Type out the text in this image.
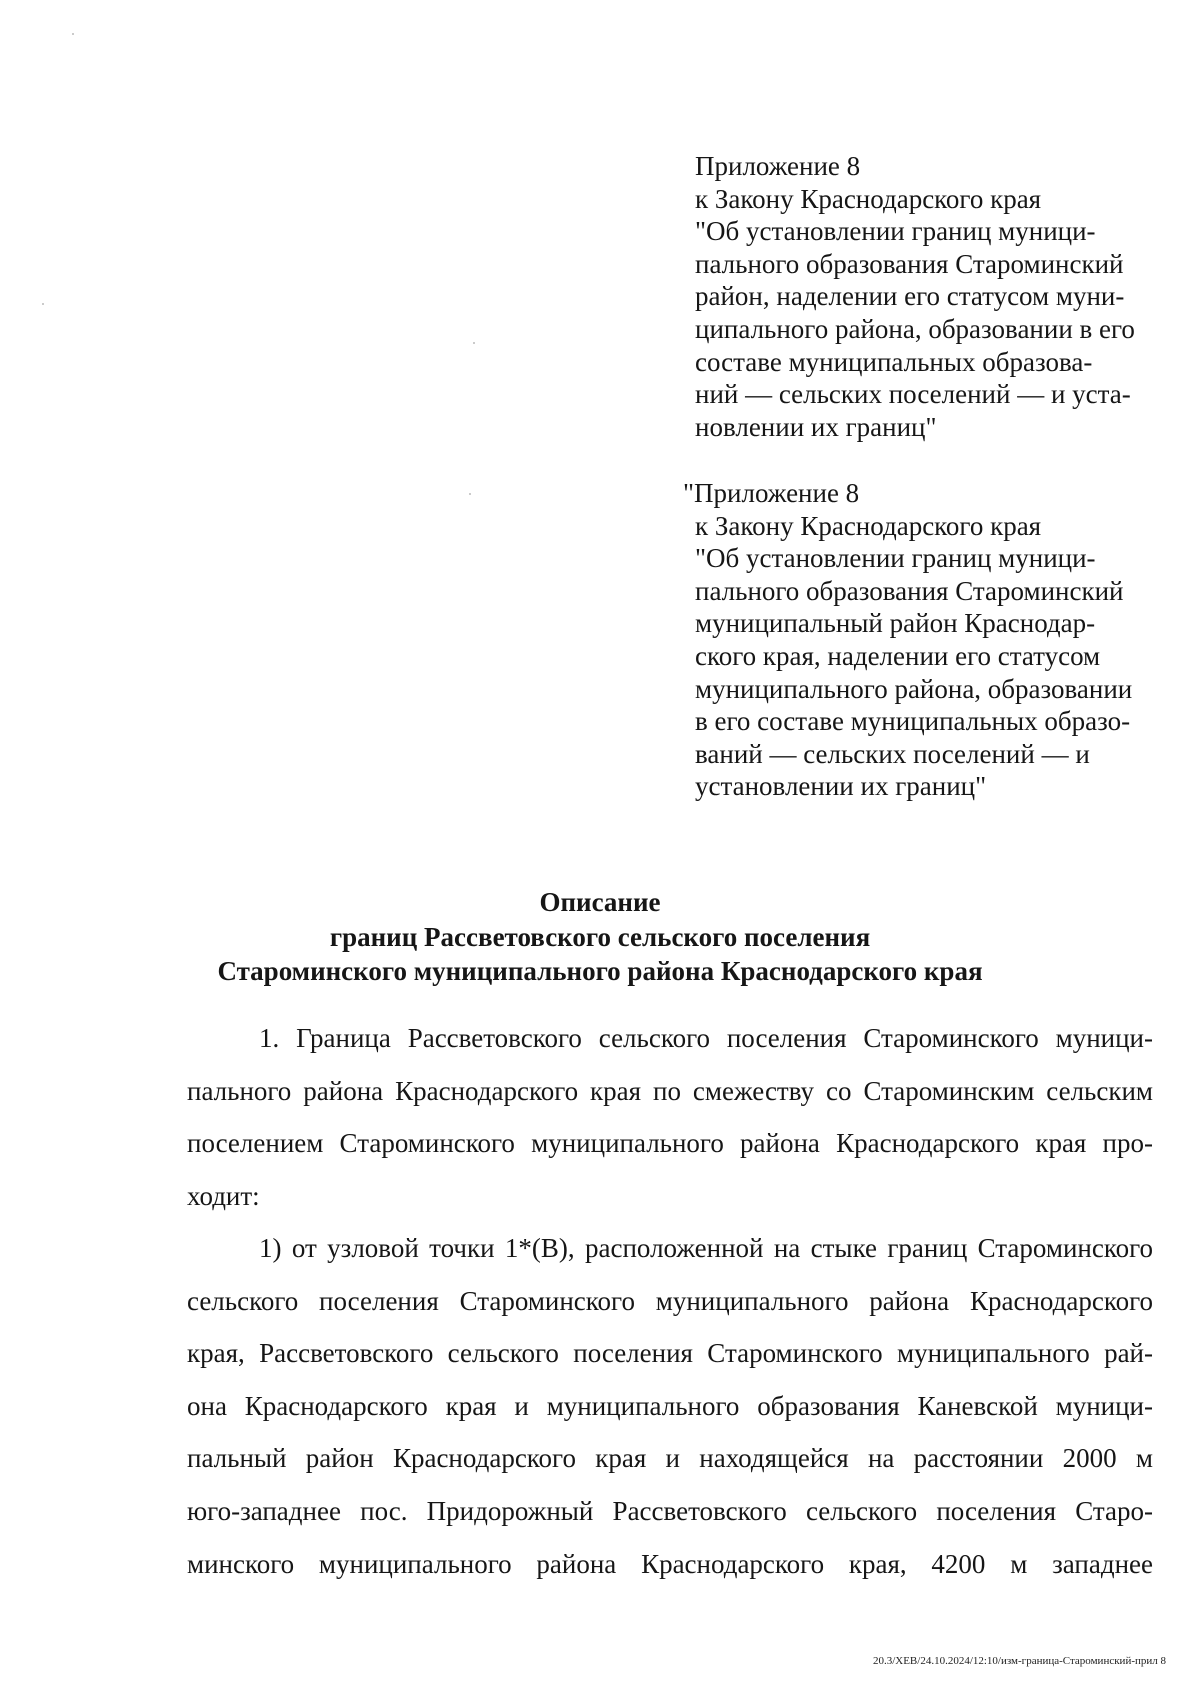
Приложение 8
к Закону Краснодарского края
"Об установлении границ муници-
пального образования Староминский
район, наделении его статусом муни-
ципального района, образовании в его
составе муниципальных образова-
ний — сельских поселений — и уста-
новлении их границ"
"Приложение 8
к Закону Краснодарского края
"Об установлении границ муници-
пального образования Староминский
муниципальный район Краснодар-
ского края, наделении его статусом
муниципального района, образовании
в его составе муниципальных образо-
ваний — сельских поселений — и
установлении их границ"
Описание
границ Рассветовского сельского поселения
Староминского муниципального района Краснодарского края
1. Граница Рассветовского сельского поселения Староминского муници-
пального района Краснодарского края по смежеству со Староминским сельским
поселением Староминского муниципального района Краснодарского края про-
ходит:
1) от узловой точки 1*(В), расположенной на стыке границ Староминского
сельского поселения Староминского муниципального района Краснодарского
края, Рассветовского сельского поселения Староминского муниципального рай-
она Краснодарского края и муниципального образования Каневской муници-
пальный район Краснодарского края и находящейся на расстоянии 2000 м
юго-западнее пос. Придорожный Рассветовского сельского поселения Старо-
минского муниципального района Краснодарского края, 4200 м западнее
20.3/ХЕВ/24.10.2024/12:10/изм-граница-Староминский-прил 8
